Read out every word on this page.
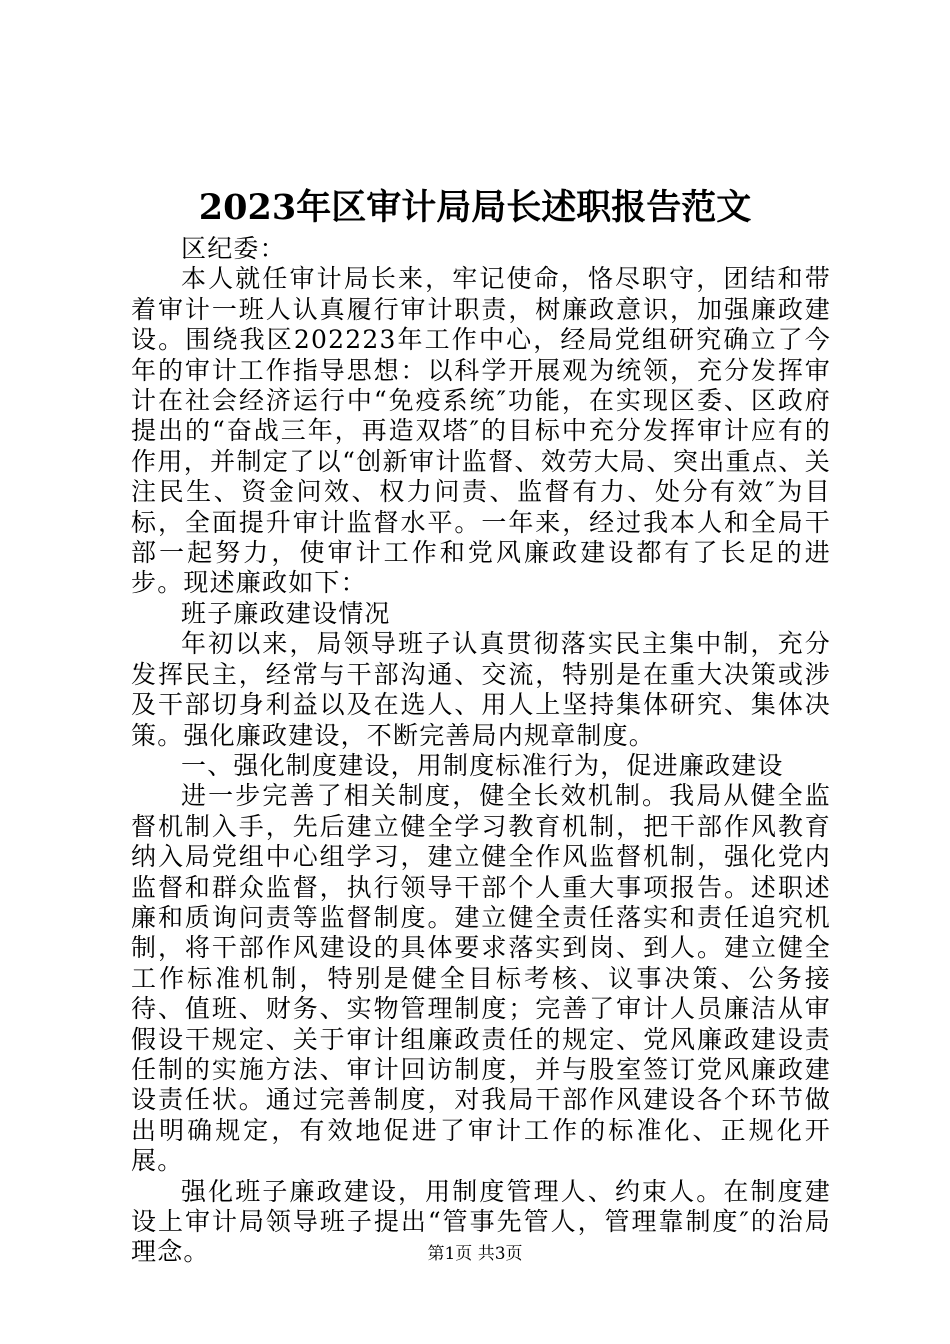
2023年区审计局局长述职报告范文

区纪委：

本人就任审计局长来，牢记使命，恪尽职守，团结和带着审计一班人认真履行审计职责，树廉政意识，加强廉政建设。围绕我区202223年工作中心，经局党组研究确立了今年的审计工作指导思想：以科学开展观为统领，充分发挥审计在社会经济运行中“免疫系统″功能，在实现区委、区政府提出的“奋战三年，再造双塔″的目标中充分发挥审计应有的作用，并制定了以“创新审计监督、效劳大局、突出重点、关注民生、资金问效、权力问责、监督有力、处分有效″为目标，全面提升审计监督水平。一年来，经过我本人和全局干部一起努力，使审计工作和党风廉政建设都有了长足的进步。现述廉政如下：

班子廉政建设情况

年初以来，局领导班子认真贯彻落实民主集中制，充分发挥民主，经常与干部沟通、交流，特别是在重大决策或涉及干部切身利益以及在选人、用人上坚持集体研究、集体决策。强化廉政建设，不断完善局内规章制度。

一、强化制度建设，用制度标准行为，促进廉政建设

进一步完善了相关制度，健全长效机制。我局从健全监督机制入手，先后建立健全学习教育机制，把干部作风教育纳入局党组中心组学习，建立健全作风监督机制，强化党内监督和群众监督，执行领导干部个人重大事项报告。述职述廉和质询问责等监督制度。建立健全责任落实和责任追究机制，将干部作风建设的具体要求落实到岗、到人。建立健全工作标准机制，特别是健全目标考核、议事决策、公务接待、值班、财务、实物管理制度；完善了审计人员廉洁从审假设干规定、关于审计组廉政责任的规定、党风廉政建设责任制的实施方法、审计回访制度，并与股室签订党风廉政建设责任状。通过完善制度，对我局干部作风建设各个环节做出明确规定，有效地促进了审计工作的标准化、正规化开展。

强化班子廉政建设，用制度管理人、约束人。在制度建设上审计局领导班子提出“管事先管人，管理靠制度″的治局理念。	第1页 共3页
